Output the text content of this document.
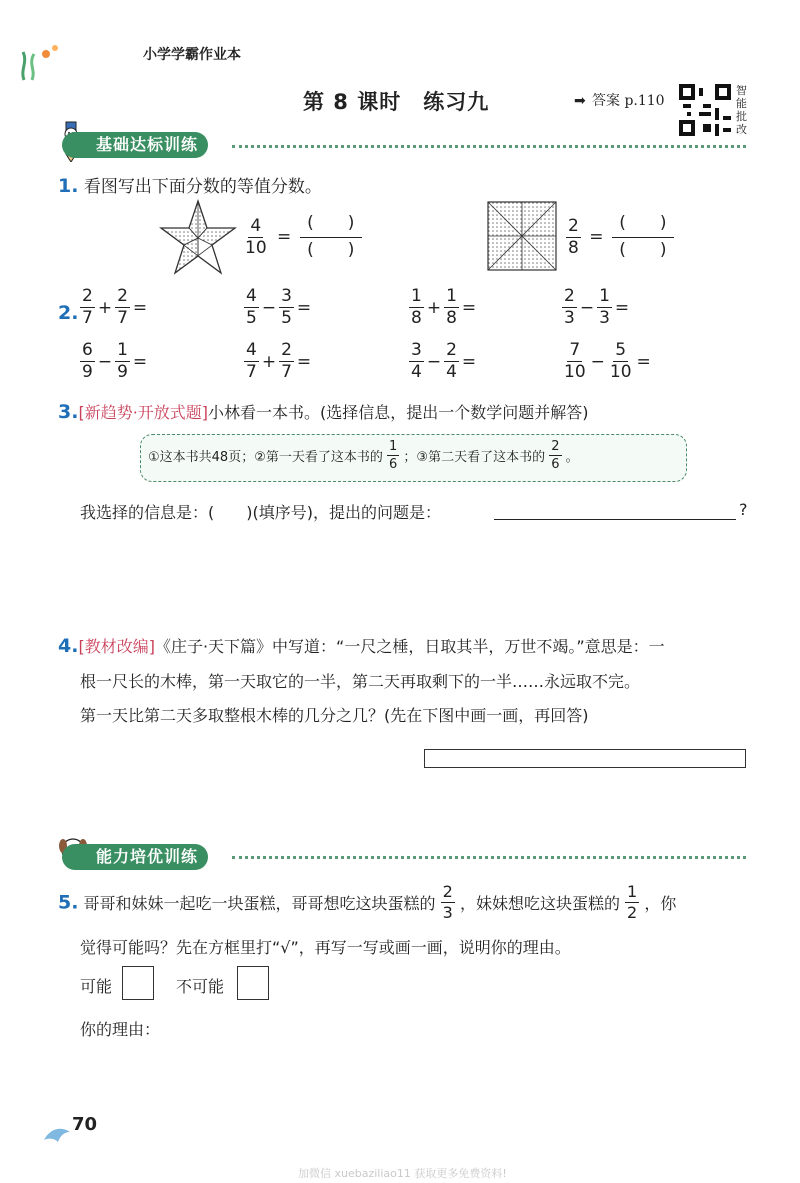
小学学霸作业本
第 8 课时　练习九	➡ 答案 p.110
智能批改
基础达标训练
1. 看图写出下面分数的等值分数。
$\frac{4}{10} = \frac{( )}{( )}$	$\frac{2}{8} = \frac{( )}{( )}$
2. $\frac{2}{7} + \frac{2}{7}$ =	$\frac{4}{5} - \frac{3}{5}$ =	$\frac{1}{8} + \frac{1}{8}$ =	$\frac{2}{3} - \frac{1}{3}$ =
$\frac{6}{9} - \frac{1}{9}$ =	$\frac{4}{7} + \frac{2}{7}$ =	$\frac{3}{4} - \frac{2}{4}$ =	$\frac{7}{10} - \frac{5}{10}$ =
3.[新趋势·开放式题]小林看一本书。(选择信息，提出一个数学问题并解答)
①这本书共48页；②第一天看了这本书的 $\frac{1}{6}$ ；③第二天看了这本书的 $\frac{2}{6}$ 。
我选择的信息是：(　　)(填序号)，提出的问题是：	?
4.[教材改编]《庄子·天下篇》中写道：“一尺之棰，日取其半，万世不竭。”意思是：一
根一尺长的木棒，第一天取它的一半，第二天再取剩下的一半……永远取不完。
第一天比第二天多取整根木棒的几分之几？(先在下图中画一画，再回答)
能力培优训练
5. 哥哥和妹妹一起吃一块蛋糕，哥哥想吃这块蛋糕的 $\frac{2}{3}$ ，妹妹想吃这块蛋糕的 $\frac{1}{2}$ ，你
觉得可能吗？先在方框里打“√”，再写一写或画一画，说明你的理由。
可能	不可能
你的理由：
70
加微信 xuebaziliao11 获取更多免费资料!
